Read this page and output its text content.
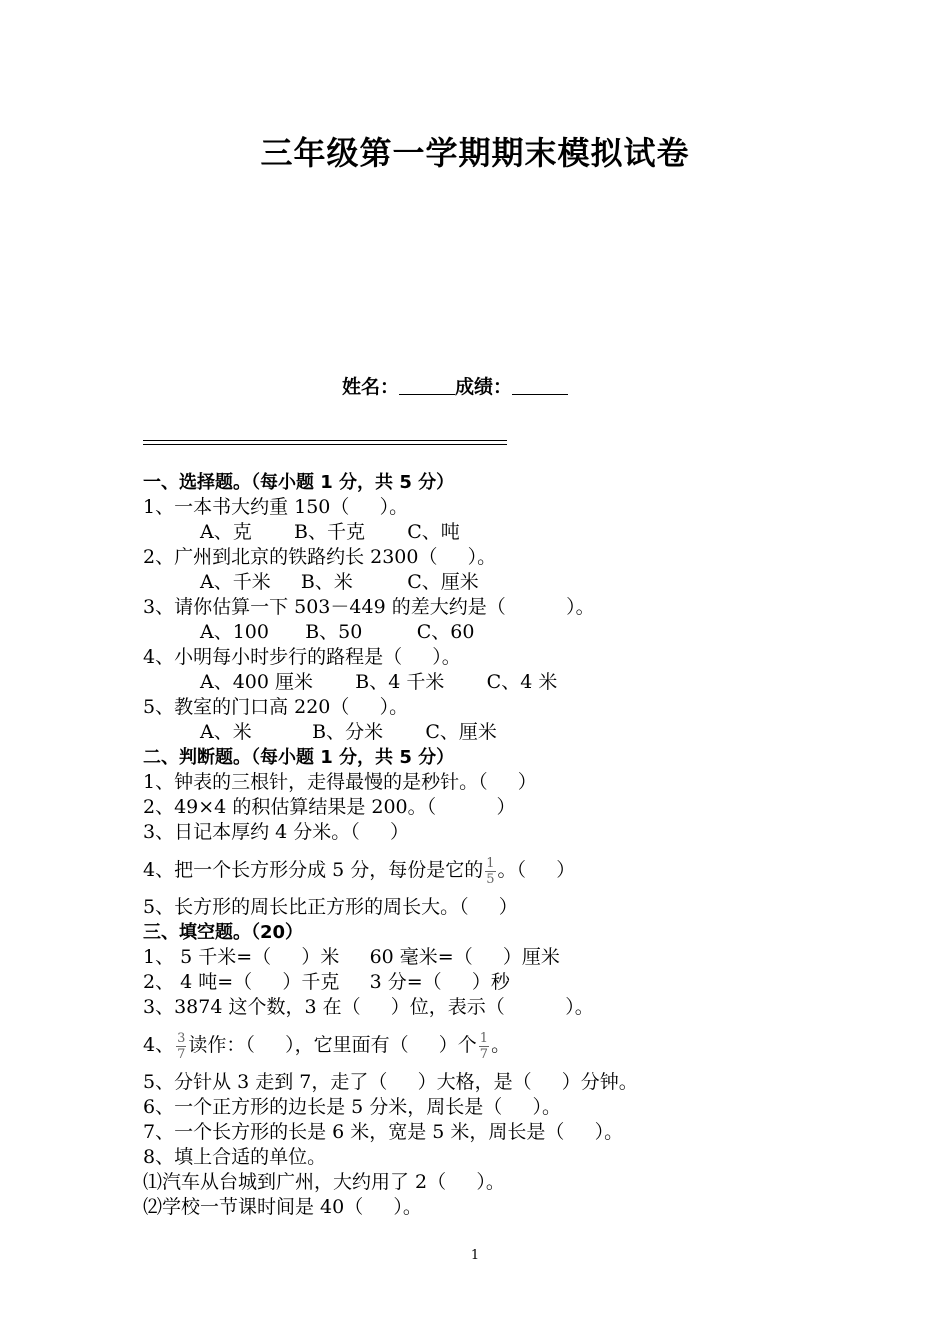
三年级第一学期期末模拟试卷
姓名：	成绩：
一、选择题。（每小题 1 分，共 5 分）
1、一本书大约重 150（     ）。
A、克       B、千克       C、吨
2、广州到北京的铁路约长 2300（     ）。
A、千米     B、米         C、厘米
3、请你估算一下 503－449 的差大约是（          ）。
A、100      B、50         C、60
4、小明每小时步行的路程是（     ）。
A、400 厘米       B、4 千米       C、4 米
5、教室的门口高 220（     ）。
A、米          B、分米       C、厘米
二、判断题。（每小题 1 分，共 5 分）
1、钟表的三根针，走得最慢的是秒针。（     ）
2、49×4 的积估算结果是 200。（          ）
3、日记本厚约 4 分米。（     ）
4、把一个长方形分成 5 分，每份是它的 $\frac{1}{5}$ 。（     ）
5、长方形的周长比正方形的周长大。（     ）
三、填空题。（20）
1、 5 千米=（     ）米     60 毫米=（     ）厘米
2、 4 吨=（     ）千克     3 分=（     ）秒
3、3874 这个数，3 在（     ）位，表示（          ）。
4、 $\frac{3}{7}$ 读作：（     ），它里面有（     ）个 $\frac{1}{7}$ 。
5、分针从 3 走到 7，走了（     ）大格，是（     ）分钟。
6、一个正方形的边长是 5 分米，周长是（     ）。
7、一个长方形的长是 6 米，宽是 5 米，周长是（     ）。
8、填上合适的单位。
⑴汽车从台城到广州，大约用了 2（     ）。
⑵学校一节课时间是 40（     ）。
1
